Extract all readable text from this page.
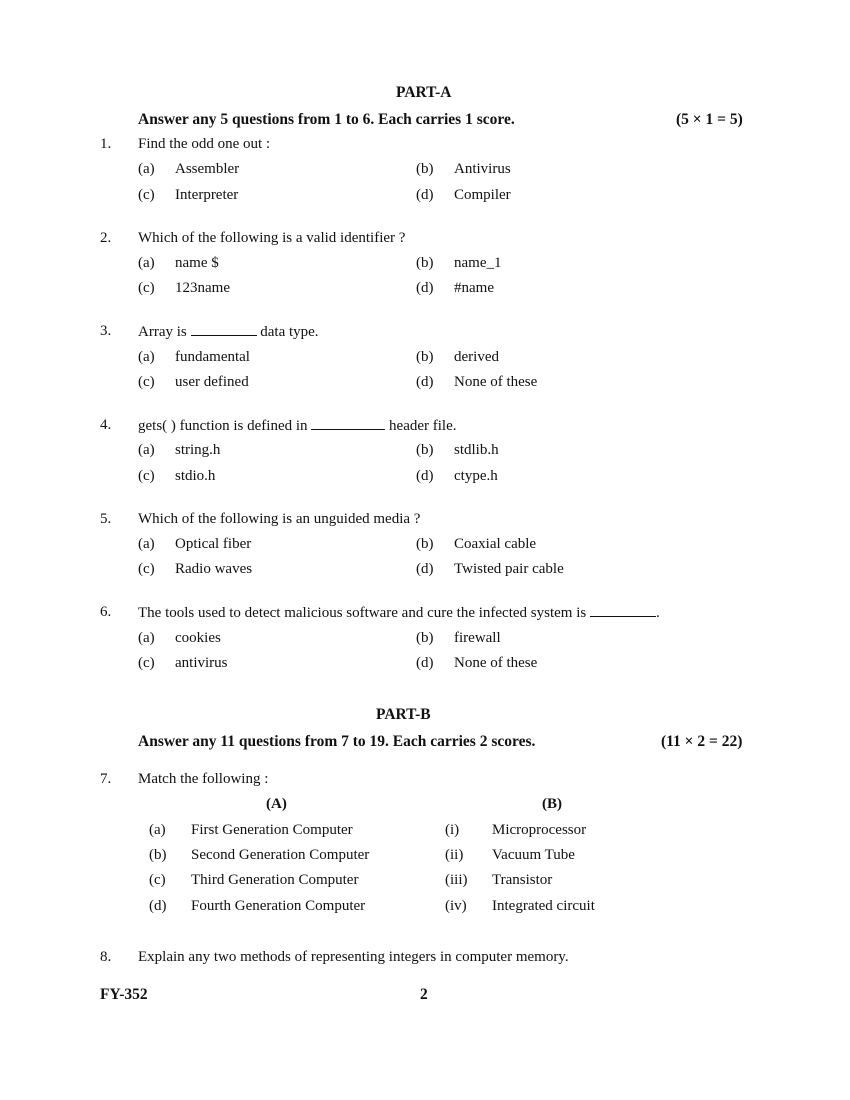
PART-A
Answer any 5 questions from 1 to 6. Each carries 1 score.	(5 × 1 = 5)
1. Find the odd one out :
(a) Assembler	(b) Antivirus
(c) Interpreter	(d) Compiler
2. Which of the following is a valid identifier ?
(a) name $	(b) name_1
(c) 123name	(d) #name
3. Array is	data type.
(a) fundamental	(b) derived
(c) user defined	(d) None of these
4. gets( ) function is defined in	header file.
(a) string.h	(b) stdlib.h
(c) stdio.h	(d) ctype.h
5. Which of the following is an unguided media ?
(a) Optical fiber	(b) Coaxial cable
(c) Radio waves	(d) Twisted pair cable
6. The tools used to detect malicious software and cure the infected system is	.
(a) cookies	(b) firewall
(c) antivirus	(d) None of these
PART-B
Answer any 11 questions from 7 to 19. Each carries 2 scores.	(11 × 2 = 22)
7. Match the following :
(A)	(B)
(a) First Generation Computer	(i) Microprocessor
(b) Second Generation Computer	(ii) Vacuum Tube
(c) Third Generation Computer	(iii) Transistor
(d) Fourth Generation Computer	(iv) Integrated circuit
8. Explain any two methods of representing integers in computer memory.
FY-352	2
